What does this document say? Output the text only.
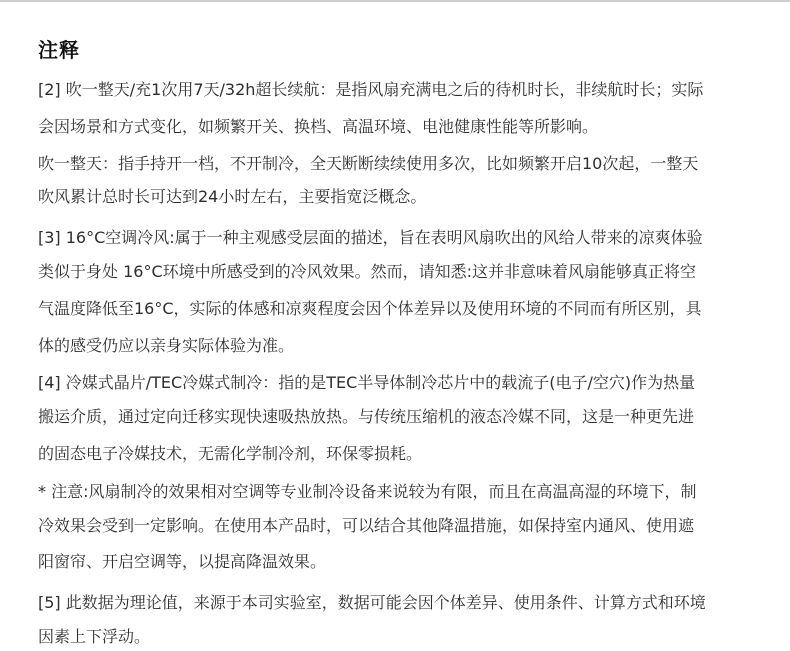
注释
[2] 吹一整天/充1次用7天/32h超长续航：是指风扇充满电之后的待机时长，非续航时长；实际
会因场景和方式变化，如频繁开关、换档、高温环境、电池健康性能等所影响。
吹一整天：指手持开一档，不开制冷，全天断断续续使用多次，比如频繁开启10次起，一整天
吹风累计总时长可达到24小时左右，主要指宽泛概念。
[3] 16°C空调冷风:属于一种主观感受层面的描述，旨在表明风扇吹出的风给人带来的凉爽体验
类似于身处 16°C环境中所感受到的冷风效果。然而，请知悉:这并非意味着风扇能够真正将空
气温度降低至16°C，实际的体感和凉爽程度会因个体差异以及使用环境的不同而有所区别，具
体的感受仍应以亲身实际体验为准。
[4] 冷媒式晶片/TEC冷媒式制冷：指的是TEC半导体制冷芯片中的载流子(电子/空穴)作为热量
搬运介质，通过定向迁移实现快速吸热放热。与传统压缩机的液态冷媒不同，这是一种更先进
的固态电子冷媒技术，无需化学制冷剂，环保零损耗。
* 注意:风扇制冷的效果相对空调等专业制冷设备来说较为有限，而且在高温高湿的环境下，制
冷效果会受到一定影响。在使用本产品时，可以结合其他降温措施，如保持室内通风、使用遮
阳窗帘、开启空调等，以提高降温效果。
[5] 此数据为理论值，来源于本司实验室，数据可能会因个体差异、使用条件、计算方式和环境
因素上下浮动。
